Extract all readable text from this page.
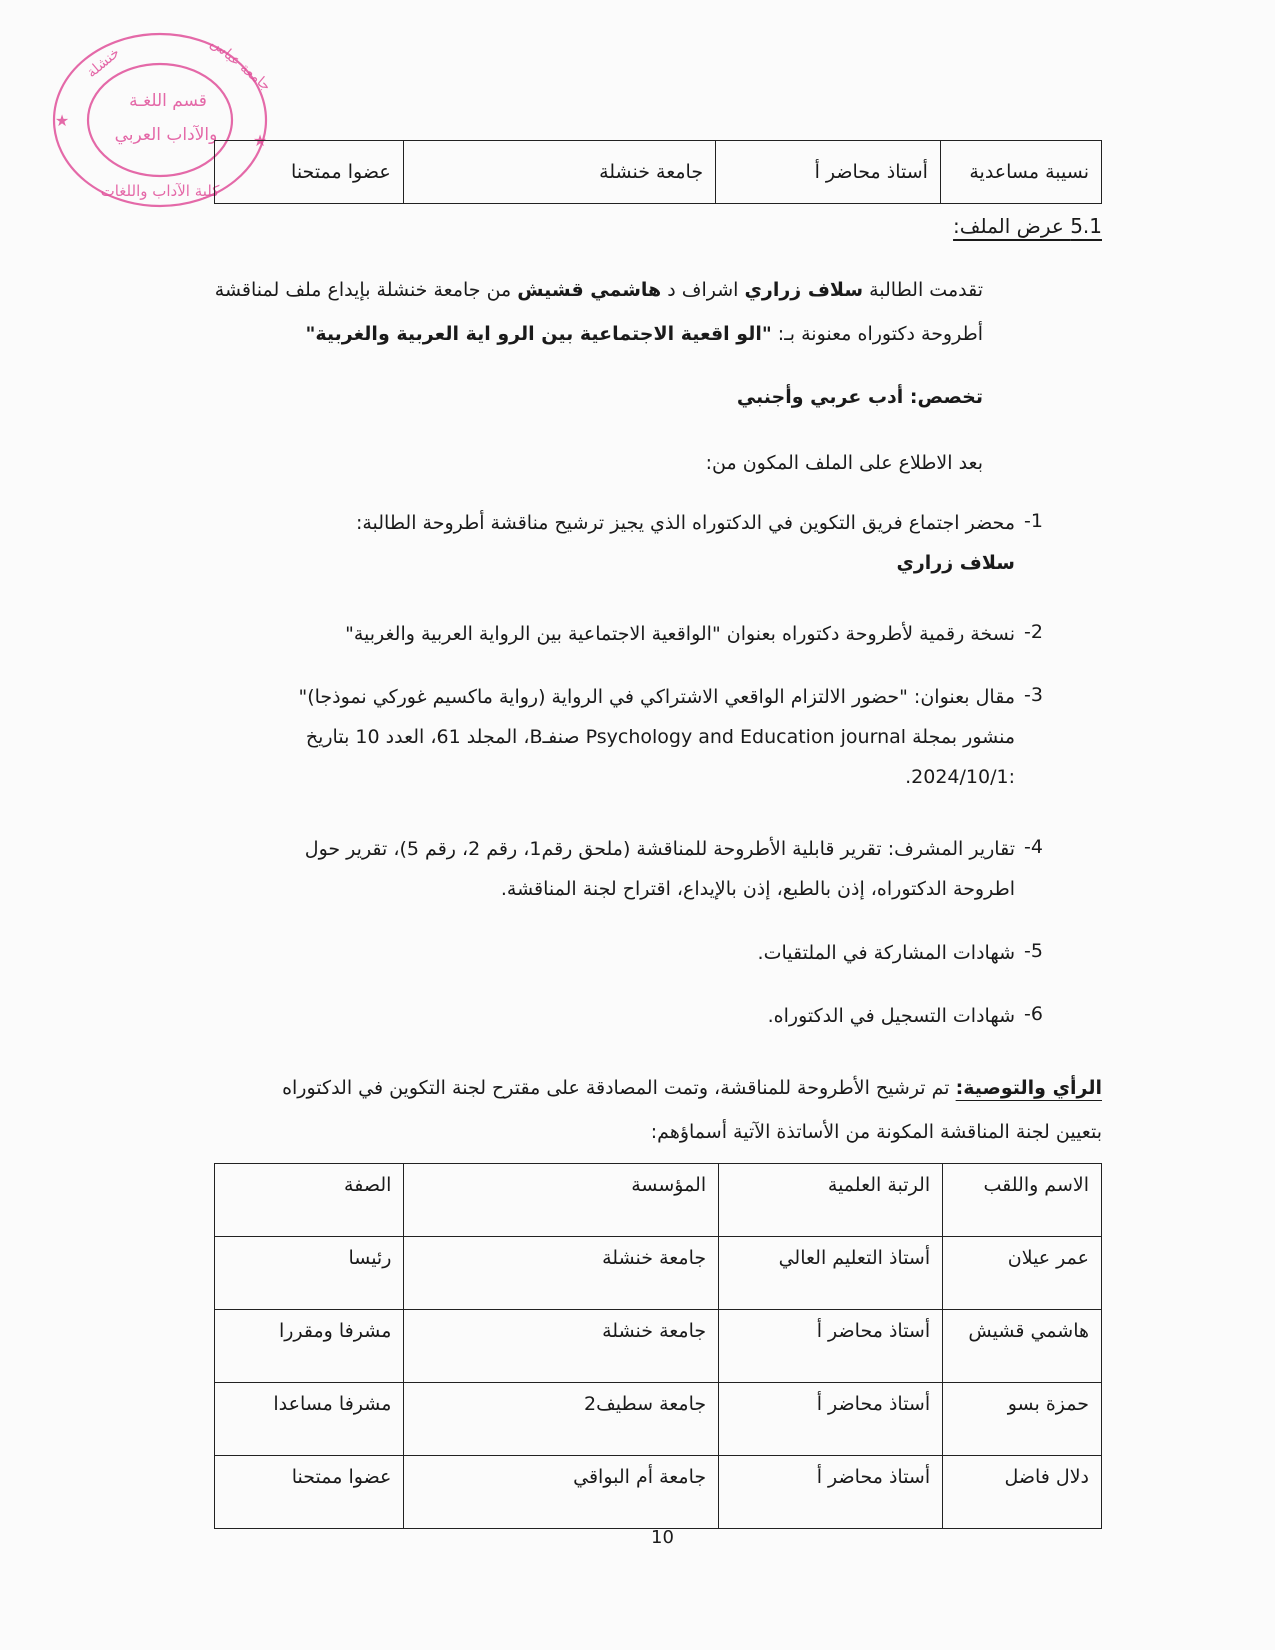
قسم اللغـة
والآداب العربي
كلية الآداب واللغات
جامعة عباس
خنشلة
★
★
نسيبة مساعدية	أستاذ محاضر أ	جامعة خنشلة	عضوا ممتحنا
5.1 عرض الملف:
تقدمت الطالبة سلاف زراري اشراف د هاشمي قشيش من جامعة خنشلة بإيداع ملف لمناقشة
أطروحة دكتوراه معنونة بـ: "الو اقعية الاجتماعية بين الرو اية العربية والغربية"
تخصص: أدب عربي وأجنبي
بعد الاطلاع على الملف المكون من:
-1
محضر اجتماع فريق التكوين في الدكتوراه الذي يجيز ترشيح مناقشة أطروحة الطالبة:
سلاف زراري
-2
نسخة رقمية لأطروحة دكتوراه بعنوان "الواقعية الاجتماعية بين الرواية العربية والغربية"
-3
مقال بعنوان: "حضور الالتزام الواقعي الاشتراكي في الرواية (رواية ماكسيم غوركي نموذجا)"
منشور بمجلة Psychology and Education journal صنفـB، المجلد 61، العدد 10 بتاريخ
:2024/10/1.
-4
تقارير المشرف: تقرير قابلية الأطروحة للمناقشة (ملحق رقم1، رقم 2، رقم 5)، تقرير حول
اطروحة الدكتوراه، إذن بالطبع، إذن بالإيداع، اقتراح لجنة المناقشة.
-5
شهادات المشاركة في الملتقيات.
-6
شهادات التسجيل في الدكتوراه.
الرأي والتوصية: تم ترشيح الأطروحة للمناقشة، وتمت المصادقة على مقترح لجنة التكوين في الدكتوراه
بتعيين لجنة المناقشة المكونة من الأساتذة الآتية أسماؤهم:
الاسم واللقب	الرتبة العلمية	المؤسسة	الصفة
عمر عيلان	أستاذ التعليم العالي	جامعة خنشلة	رئيسا
هاشمي قشيش	أستاذ محاضر أ	جامعة خنشلة	مشرفا ومقررا
حمزة بسو	أستاذ محاضر أ	جامعة سطيف2	مشرفا مساعدا
دلال فاضل	أستاذ محاضر أ	جامعة أم البواقي	عضوا ممتحنا
10
